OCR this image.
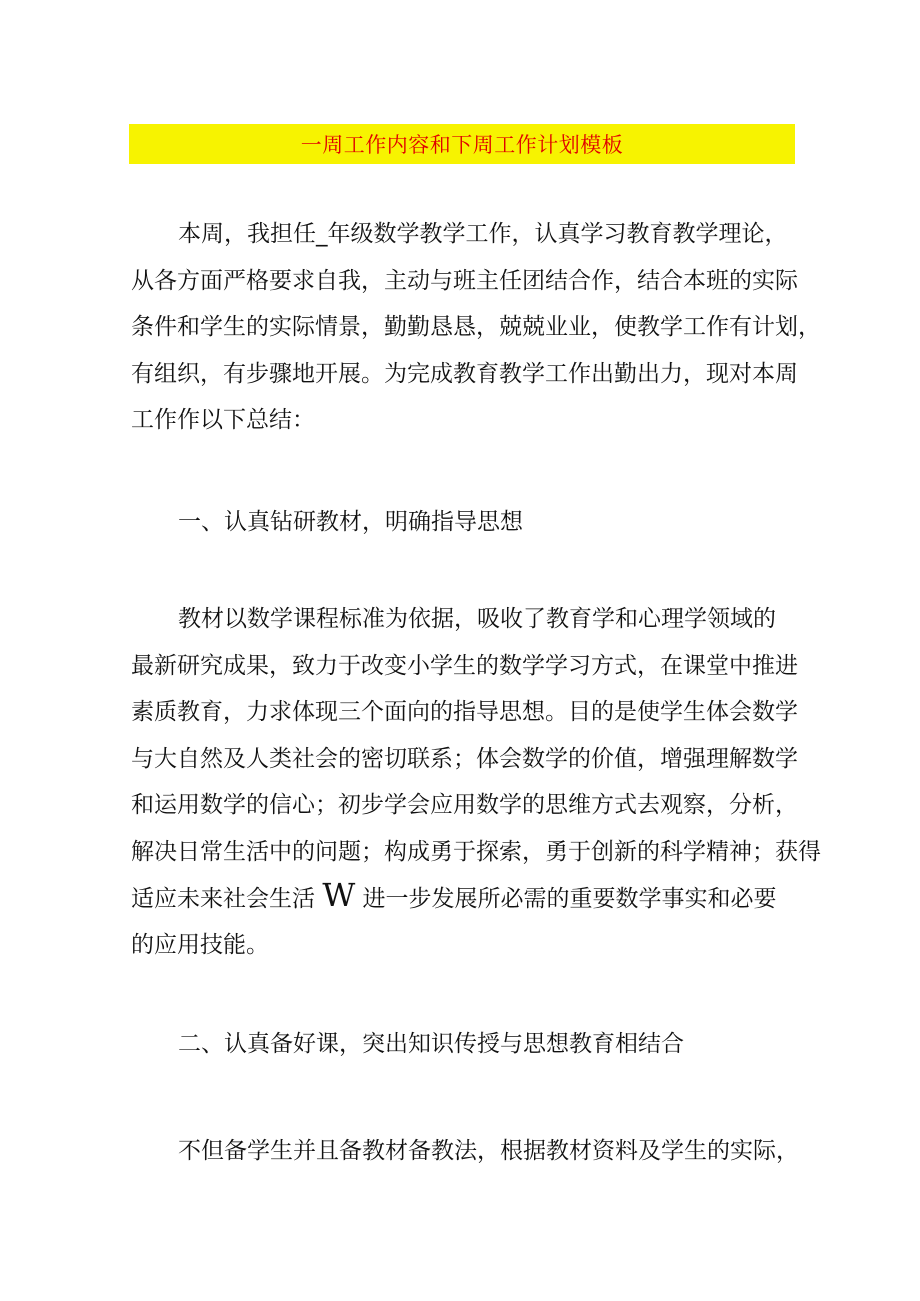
一周工作内容和下周工作计划模板
本周，我担任_年级数学教学工作，认真学习教育教学理论，
从各方面严格要求自我，主动与班主任团结合作，结合本班的实际
条件和学生的实际情景，勤勤恳恳，兢兢业业，使教学工作有计划，
有组织，有步骤地开展。为完成教育教学工作出勤出力，现对本周
工作作以下总结：
一、认真钻研教材，明确指导思想
教材以数学课程标准为依据，吸收了教育学和心理学领域的
最新研究成果，致力于改变小学生的数学学习方式，在课堂中推进
素质教育，力求体现三个面向的指导思想。目的是使学生体会数学
与大自然及人类社会的密切联系；体会数学的价值，增强理解数学
和运用数学的信心；初步学会应用数学的思维方式去观察，分析，
解决日常生活中的问题；构成勇于探索，勇于创新的科学精神；获得
适应未来社会生活 W 进一步发展所必需的重要数学事实和必要
的应用技能。
二、认真备好课，突出知识传授与思想教育相结合
不但备学生并且备教材备教法，根据教材资料及学生的实际，
